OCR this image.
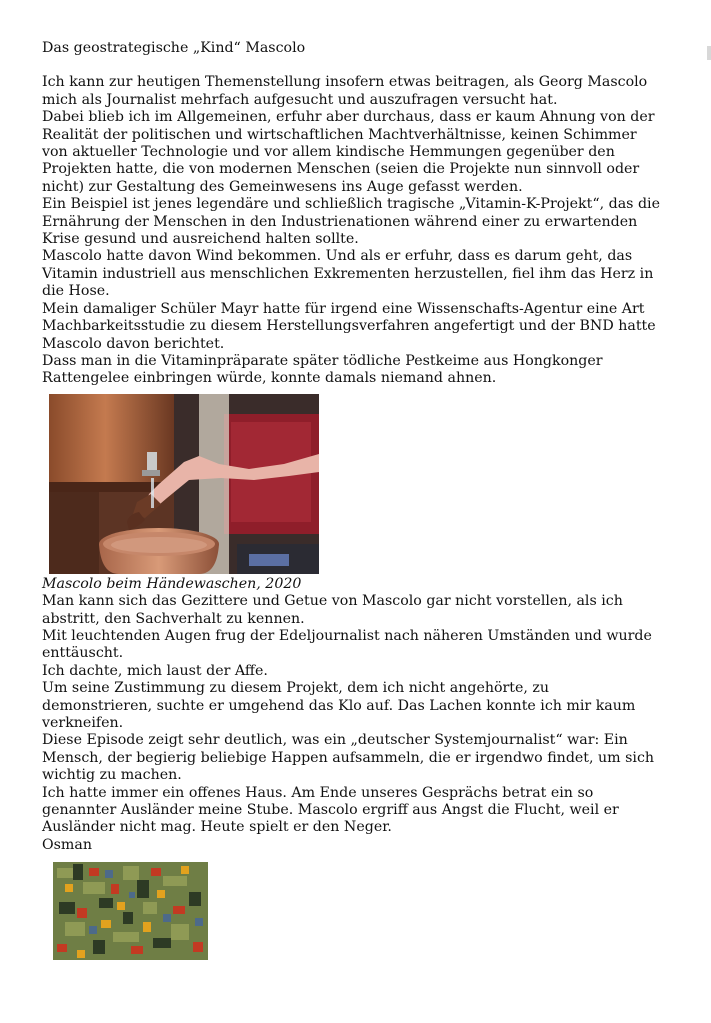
Das geostrategische „Kind“ Mascolo

Ich kann zur heutigen Themenstellung insofern etwas beitragen, als Georg Mascolo mich als Journalist mehrfach aufgesucht und auszufragen versucht hat.

Dabei blieb ich im Allgemeinen, erfuhr aber durchaus, dass er kaum Ahnung von der Realität der politischen und wirtschaftlichen Machtverhältnisse, keinen Schimmer von aktueller Technologie und vor allem kindische Hemmungen gegenüber den Projekten hatte, die von modernen Menschen (seien die Projekte nun sinnvoll oder nicht) zur Gestaltung des Gemeinwesens ins Auge gefasst werden.

Ein Beispiel ist jenes legendäre und schließlich tragische „Vitamin-K-Projekt“, das die Ernährung der Menschen in den Industrienationen während einer zu erwartenden Krise gesund und ausreichend halten sollte.

Mascolo hatte davon Wind bekommen. Und als er erfuhr, dass es darum geht, das Vitamin industriell aus menschlichen Exkrementen herzustellen, fiel ihm das Herz in die Hose.

Mein damaliger Schüler Mayr hatte für irgend eine Wissenschafts-Agentur eine Art Machbarkeitsstudie zu diesem Herstellungsverfahren angefertigt und der BND hatte Mascolo davon berichtet.

Dass man in die Vitaminpräparate später tödliche Pestkeime aus Hongkonger Rattengelee einbringen würde, konnte damals niemand ahnen.

Mascolo beim Händewaschen, 2020

Man kann sich das Gezittere und Getue von Mascolo gar nicht vorstellen, als ich abstritt, den Sachverhalt zu kennen.

Mit leuchtenden Augen frug der Edeljournalist nach näheren Umständen und wurde enttäuscht.

Ich dachte, mich laust der Affe.

Um seine Zustimmung zu diesem Projekt, dem ich nicht angehörte, zu demonstrieren, suchte er umgehend das Klo auf. Das Lachen konnte ich mir kaum verkneifen.

Diese Episode zeigt sehr deutlich, was ein „deutscher Systemjournalist“ war: Ein Mensch, der begierig beliebige Happen aufsammeln, die er irgendwo findet, um sich wichtig zu machen.

Ich hatte immer ein offenes Haus. Am Ende unseres Gesprächs betrat ein so genannter Ausländer meine Stube. Mascolo ergriff aus Angst die Flucht, weil er Ausländer nicht mag. Heute spielt er den Neger.

Osman
